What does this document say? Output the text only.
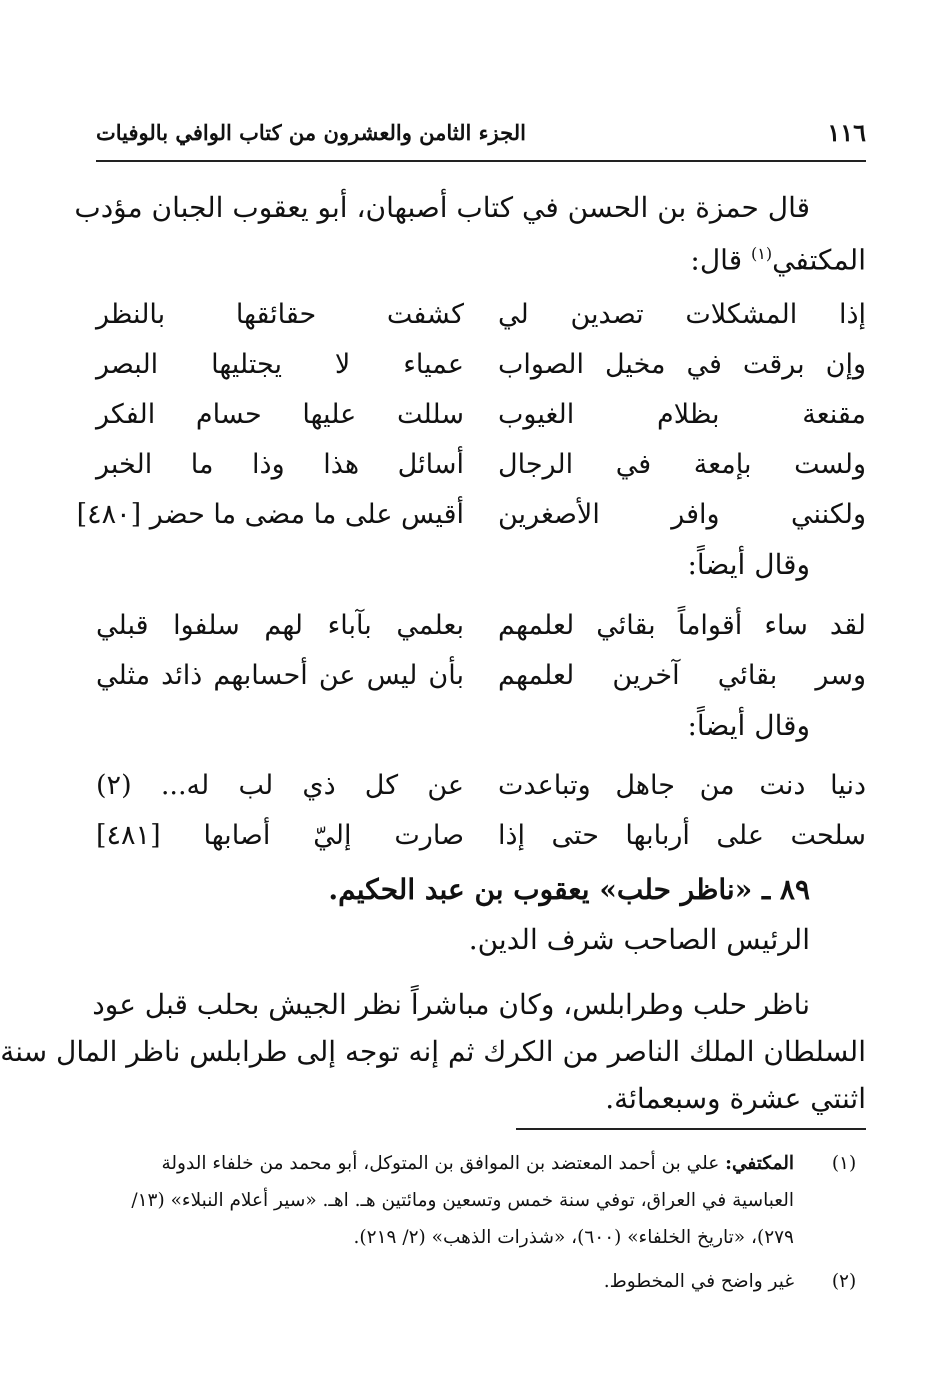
١١٦
الجزء الثامن والعشرون من كتاب الوافي بالوفيات
قال حمزة بن الحسن في كتاب أصبهان، أبو يعقوب الجبان مؤدب
المكتفي$^{(١)}$ قال:
إذا المشكلات تصدين لي
كشفت حقائقها بالنظر
وإن برقت في مخيل الصواب
عمياء لا يجتليها البصر
مقنعة بظلام الغيوب
سللت عليها حسام الفكر
ولست بإمعة في الرجال
أسائل هذا وذا ما الخبر
ولكنني وافر الأصغرين
أقيس على ما مضى ما حضر [٤٨٠]
وقال أيضاً:
لقد ساء أقواماً بقائي لعلمهم
بعلمي بآباء لهم سلفوا قبلي
وسر بقائي آخرين لعلمهم
بأن ليس عن أحسابهم ذائد مثلي
وقال أيضاً:
دنيا دنت من جاهل وتباعدت
عن كل ذي لب له... (٢)
سلحت على أربابها حتى إذا
صارت إليّ أصابها [٤٨١]
٨٩ ـ «ناظر حلب» يعقوب بن عبد الحكيم.
الرئيس الصاحب شرف الدين.
ناظر حلب وطرابلس، وكان مباشراً نظر الجيش بحلب قبل عود
السلطان الملك الناصر من الكرك ثم إنه توجه إلى طرابلس ناظر المال سنة
اثنتي عشرة وسبعمائة.
(١)
المكتفي: علي بن أحمد المعتضد بن الموافق بن المتوكل، أبو محمد من خلفاء الدولة
العباسية في العراق، توفي سنة خمس وتسعين ومائتين هـ. اهـ. «سير أعلام النبلاء» (١٣/
٢٧٩)، «تاريخ الخلفاء» (٦٠٠)، «شذرات الذهب» (٢/ ٢١٩).
(٢)
غير واضح في المخطوط.
